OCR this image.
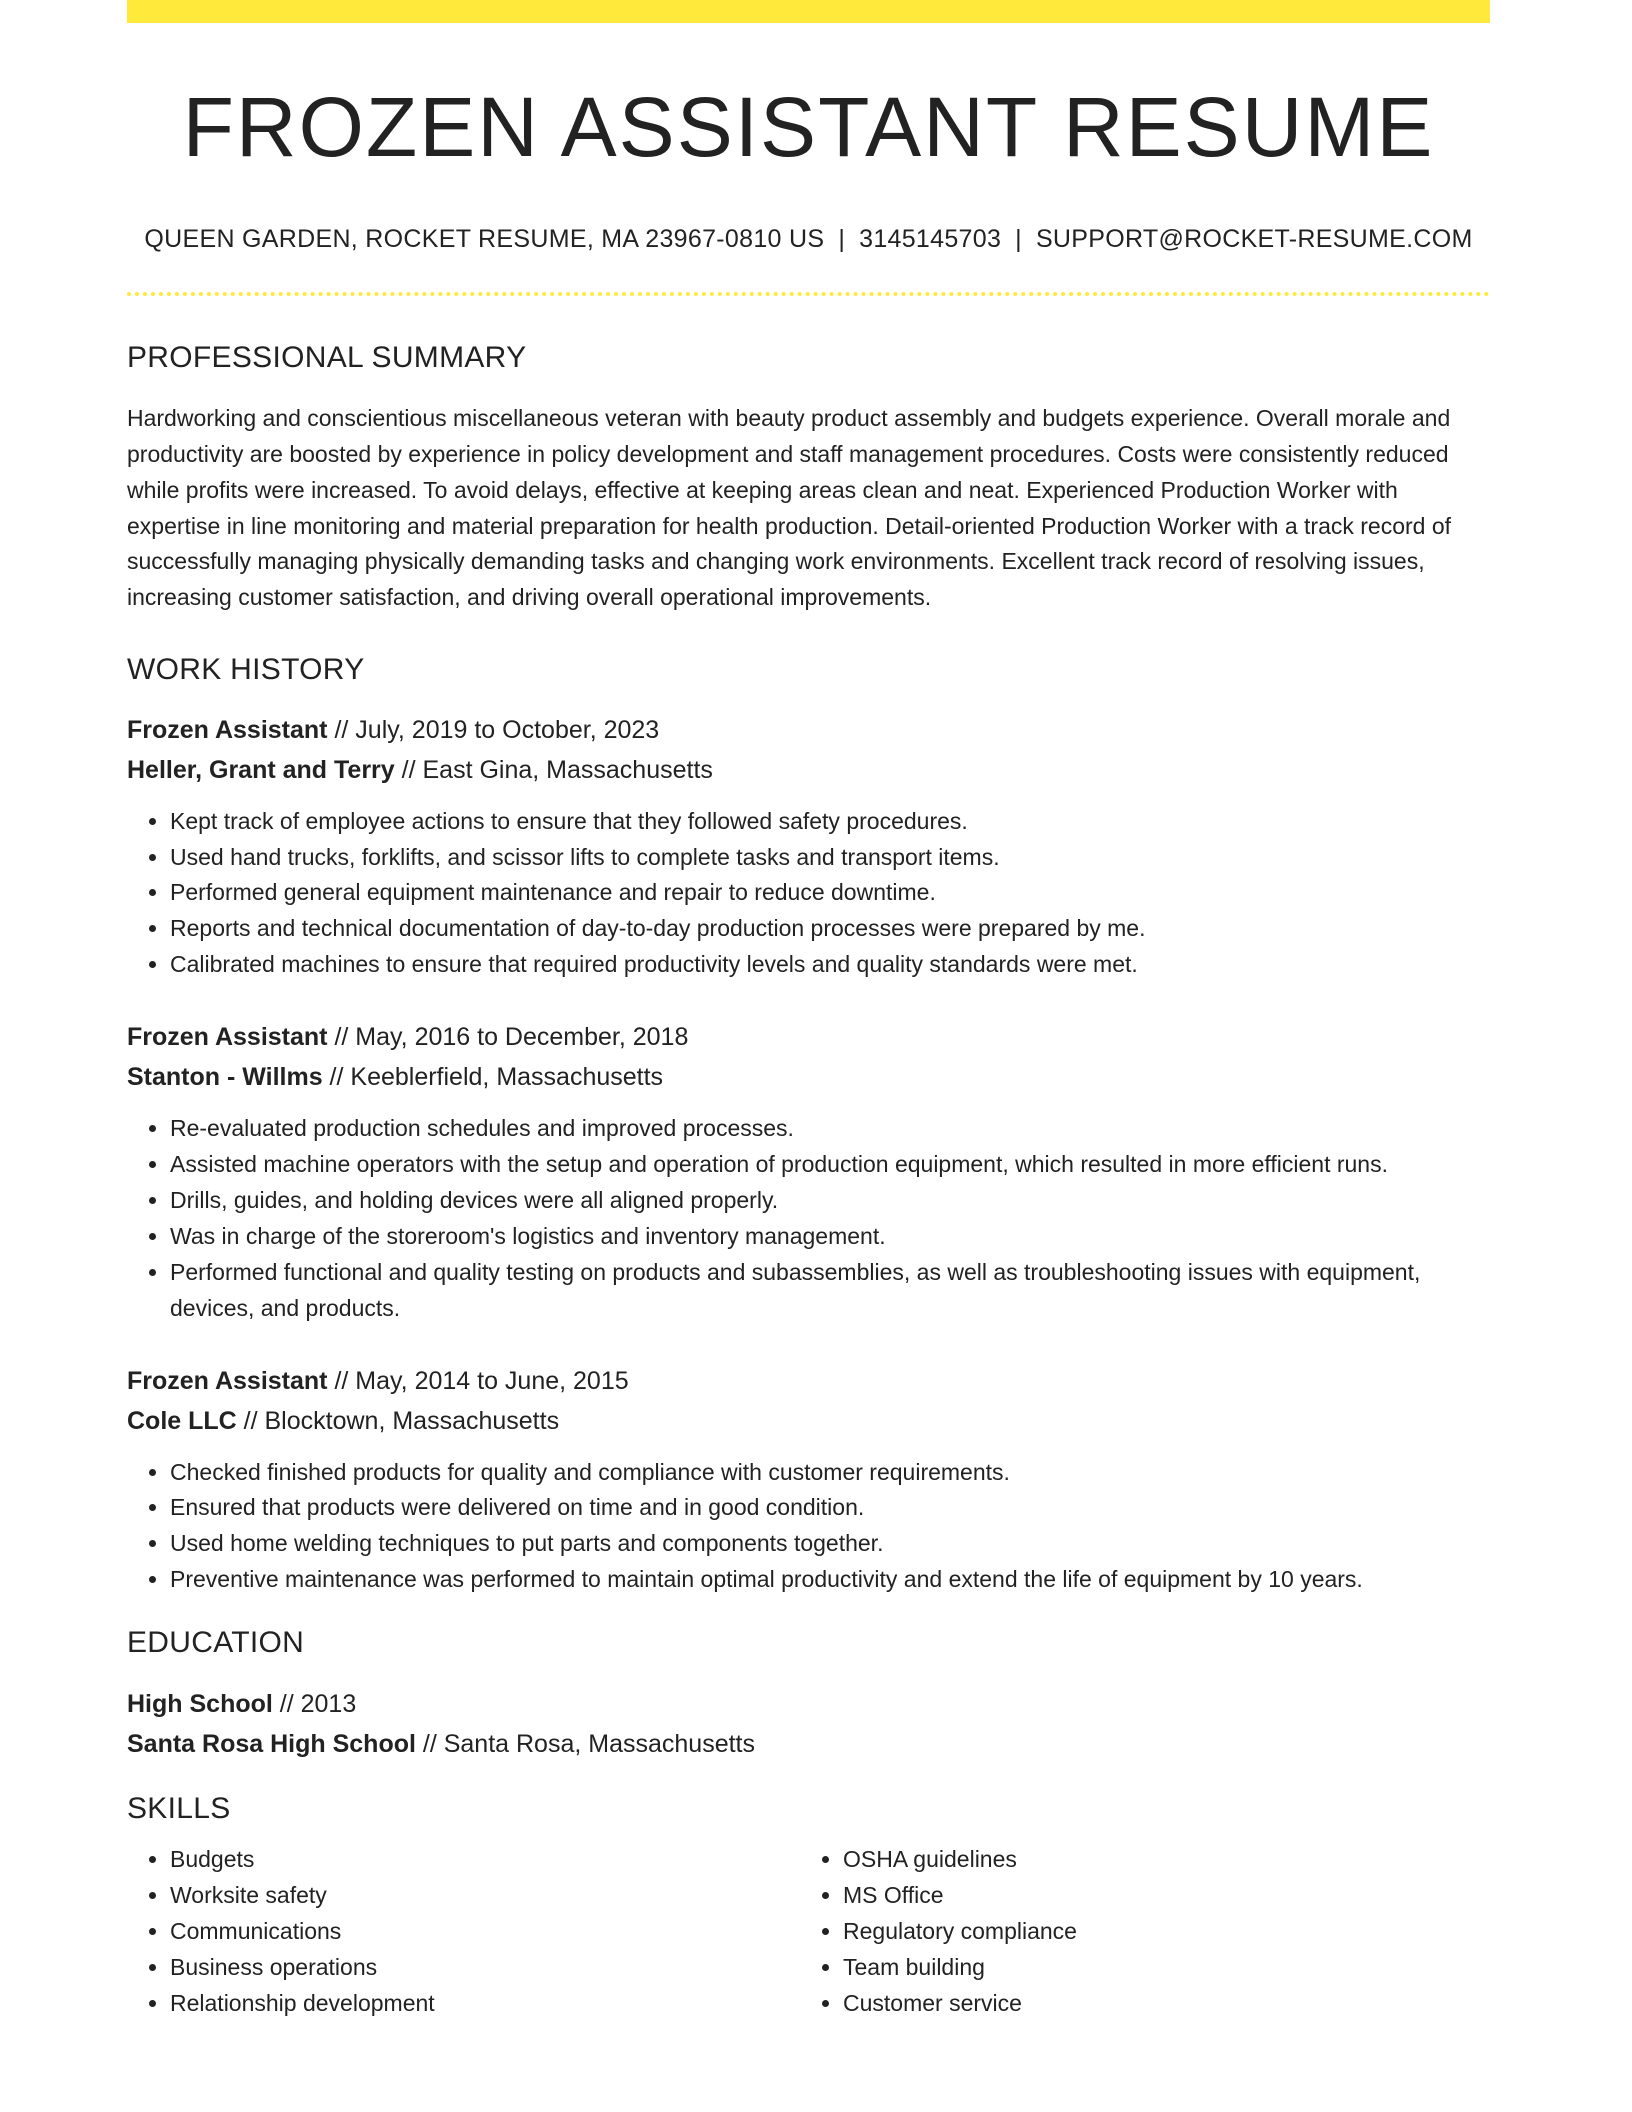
FROZEN ASSISTANT RESUME
QUEEN GARDEN, ROCKET RESUME, MA 23967-0810 US | 3145145703 | SUPPORT@ROCKET-RESUME.COM
PROFESSIONAL SUMMARY
Hardworking and conscientious miscellaneous veteran with beauty product assembly and budgets experience. Overall morale and productivity are boosted by experience in policy development and staff management procedures. Costs were consistently reduced while profits were increased. To avoid delays, effective at keeping areas clean and neat. Experienced Production Worker with expertise in line monitoring and material preparation for health production. Detail-oriented Production Worker with a track record of successfully managing physically demanding tasks and changing work environments. Excellent track record of resolving issues, increasing customer satisfaction, and driving overall operational improvements.
WORK HISTORY
Frozen Assistant // July, 2019 to October, 2023
Heller, Grant and Terry // East Gina, Massachusetts
• Kept track of employee actions to ensure that they followed safety procedures.
• Used hand trucks, forklifts, and scissor lifts to complete tasks and transport items.
• Performed general equipment maintenance and repair to reduce downtime.
• Reports and technical documentation of day-to-day production processes were prepared by me.
• Calibrated machines to ensure that required productivity levels and quality standards were met.
Frozen Assistant // May, 2016 to December, 2018
Stanton - Willms // Keeblerfield, Massachusetts
• Re-evaluated production schedules and improved processes.
• Assisted machine operators with the setup and operation of production equipment, which resulted in more efficient runs.
• Drills, guides, and holding devices were all aligned properly.
• Was in charge of the storeroom's logistics and inventory management.
• Performed functional and quality testing on products and subassemblies, as well as troubleshooting issues with equipment, devices, and products.
Frozen Assistant // May, 2014 to June, 2015
Cole LLC // Blocktown, Massachusetts
• Checked finished products for quality and compliance with customer requirements.
• Ensured that products were delivered on time and in good condition.
• Used home welding techniques to put parts and components together.
• Preventive maintenance was performed to maintain optimal productivity and extend the life of equipment by 10 years.
EDUCATION
High School // 2013
Santa Rosa High School // Santa Rosa, Massachusetts
SKILLS
• Budgets
• Worksite safety
• Communications
• Business operations
• Relationship development
• OSHA guidelines
• MS Office
• Regulatory compliance
• Team building
• Customer service
